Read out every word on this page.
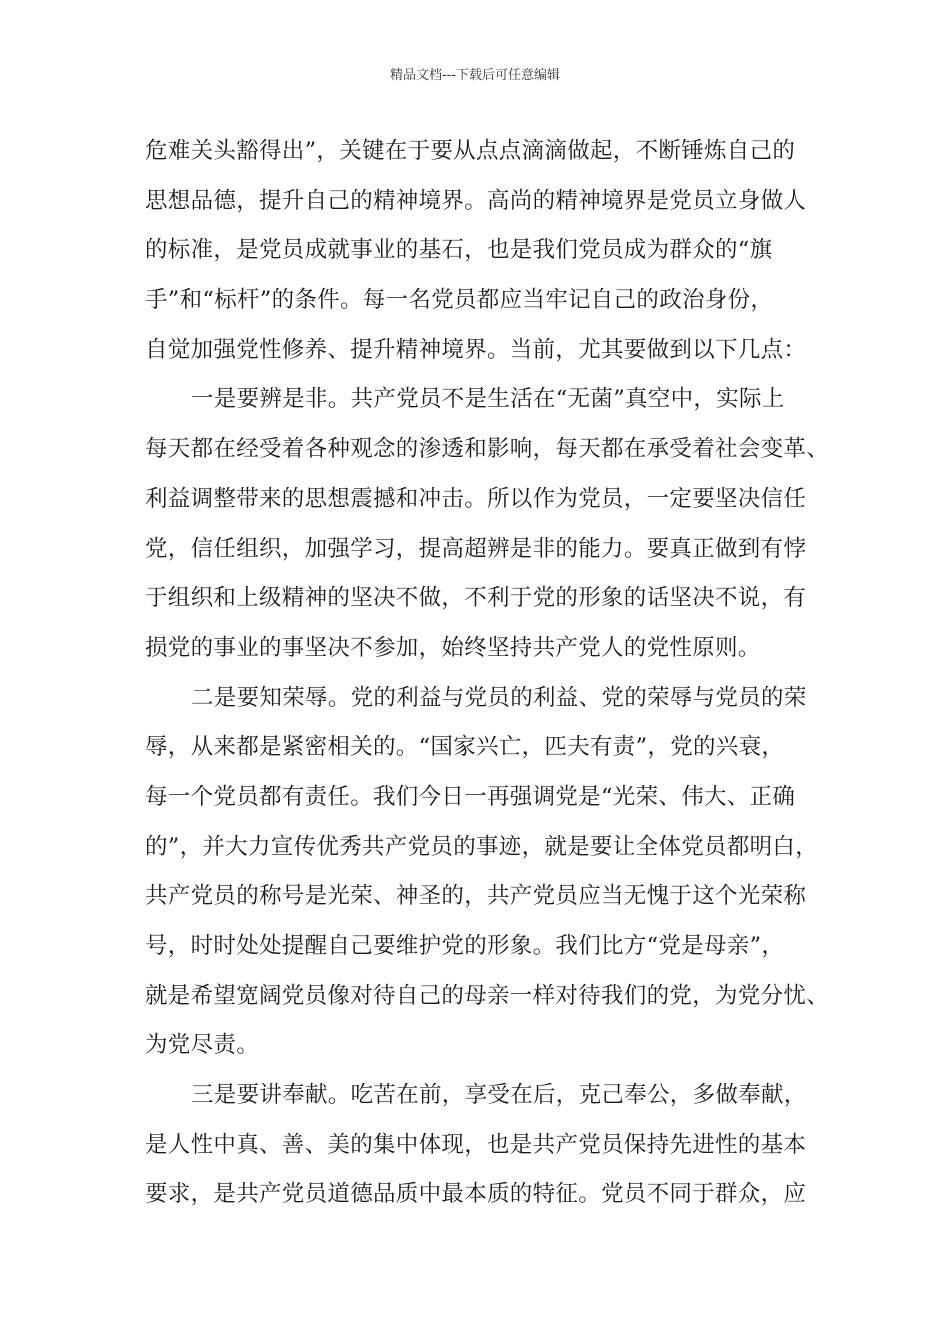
精品文档---下载后可任意编辑
危难关头豁得出”，关键在于要从点点滴滴做起，不断锤炼自己的
思想品德，提升自己的精神境界。高尚的精神境界是党员立身做人
的标准，是党员成就事业的基石，也是我们党员成为群众的“旗
手”和“标杆”的条件。每一名党员都应当牢记自己的政治身份，
自觉加强党性修养、提升精神境界。当前，尤其要做到以下几点：
一是要辨是非。共产党员不是生活在“无菌”真空中，实际上
每天都在经受着各种观念的渗透和影响，每天都在承受着社会变革、
利益调整带来的思想震撼和冲击。所以作为党员，一定要坚决信任
党，信任组织，加强学习，提高超辨是非的能力。要真正做到有悖
于组织和上级精神的坚决不做，不利于党的形象的话坚决不说，有
损党的事业的事坚决不参加，始终坚持共产党人的党性原则。
二是要知荣辱。党的利益与党员的利益、党的荣辱与党员的荣
辱，从来都是紧密相关的。“国家兴亡，匹夫有责”，党的兴衰，
每一个党员都有责任。我们今日一再强调党是“光荣、伟大、正确
的”，并大力宣传优秀共产党员的事迹，就是要让全体党员都明白，
共产党员的称号是光荣、神圣的，共产党员应当无愧于这个光荣称
号，时时处处提醒自己要维护党的形象。我们比方“党是母亲”，
就是希望宽阔党员像对待自己的母亲一样对待我们的党，为党分忧、
为党尽责。
三是要讲奉献。吃苦在前，享受在后，克己奉公，多做奉献，
是人性中真、善、美的集中体现，也是共产党员保持先进性的基本
要求，是共产党员道德品质中最本质的特征。党员不同于群众，应
